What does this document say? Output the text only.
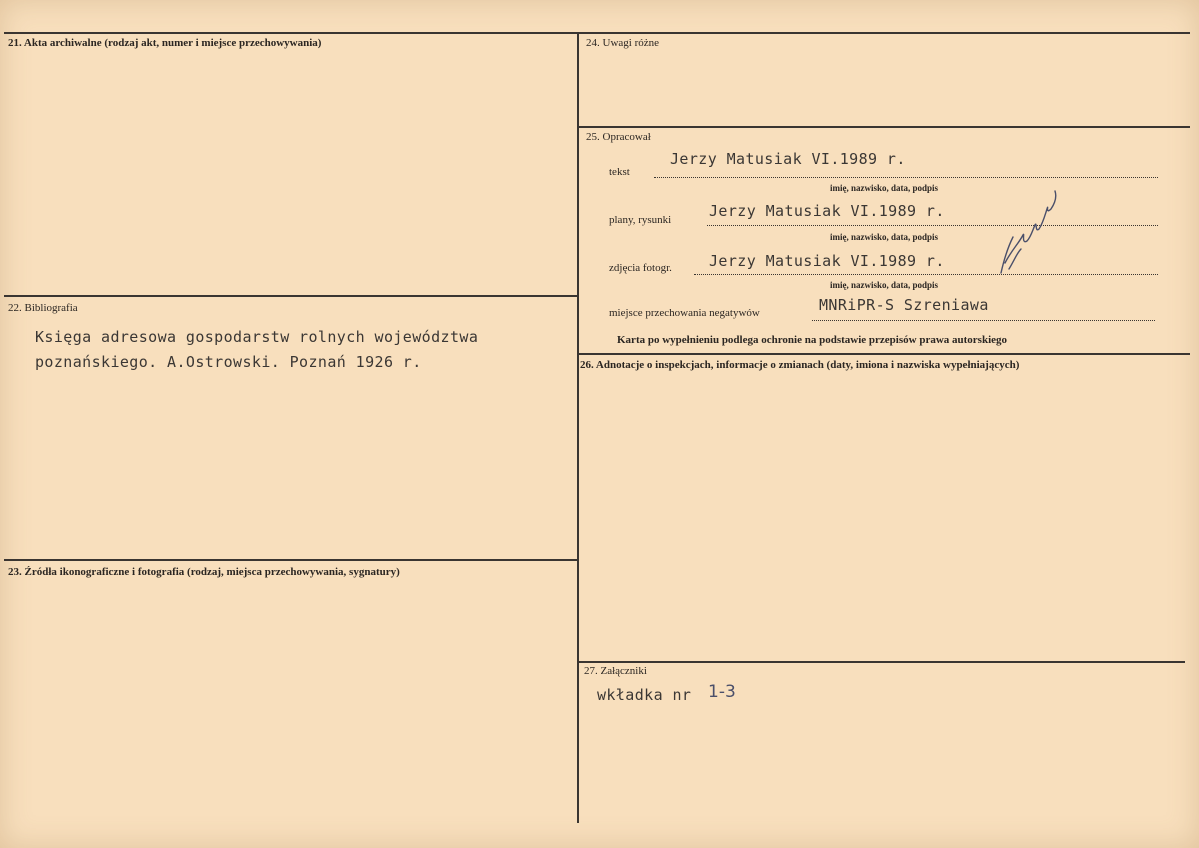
21. Akta archiwalne (rodzaj akt, numer i miejsce przechowywania)
22. Bibliografia
Księga adresowa gospodarstw rolnych województwa
poznańskiego. A.Ostrowski. Poznań 1926 r.
23. Źródła ikonograficzne i fotografia (rodzaj, miejsca przechowywania, sygnatury)
24. Uwagi różne
25. Opracował
tekst
Jerzy Matusiak VI.1989 r.
imię, nazwisko, data, podpis
plany, rysunki	Jerzy Matusiak VI.1989 r.
imię, nazwisko, data, podpis
zdjęcia fotogr. Jerzy Matusiak VI.1989 r.
imię, nazwisko, data, podpis
miejsce przechowania negatywów	MNRiPR-S Szreniawa
Karta po wypełnieniu podlega ochronie na podstawie przepisów prawa autorskiego
26. Adnotacje o inspekcjach, informacje o zmianach (daty, imiona i nazwiska wypełniających)
27. Załączniki
wkładka nr 1-3
